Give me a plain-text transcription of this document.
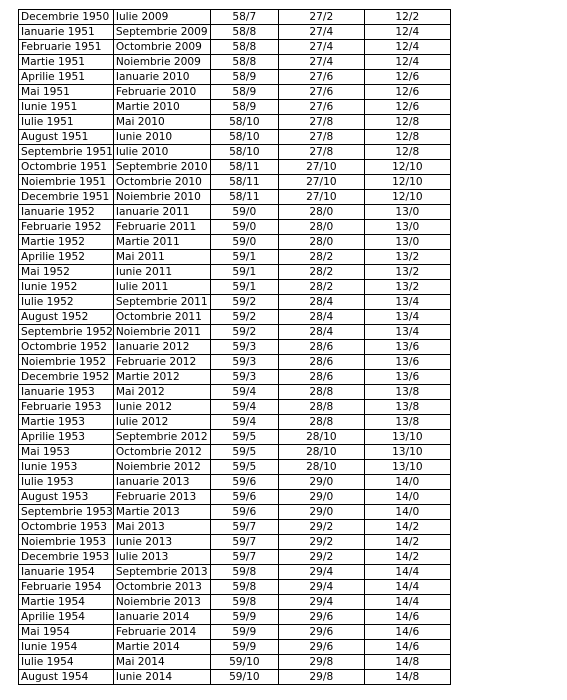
Decembrie 1950	Iulie 2009	58/7	27/2	12/2
Ianuarie 1951	Septembrie 2009	58/8	27/4	12/4
Februarie 1951	Octombrie 2009	58/8	27/4	12/4
Martie 1951	Noiembrie 2009	58/8	27/4	12/4
Aprilie 1951	Ianuarie 2010	58/9	27/6	12/6
Mai 1951	Februarie 2010	58/9	27/6	12/6
Iunie 1951	Martie 2010	58/9	27/6	12/6
Iulie 1951	Mai 2010	58/10	27/8	12/8
August 1951	Iunie 2010	58/10	27/8	12/8
Septembrie 1951	Iulie 2010	58/10	27/8	12/8
Octombrie 1951	Septembrie 2010	58/11	27/10	12/10
Noiembrie 1951	Octombrie 2010	58/11	27/10	12/10
Decembrie 1951	Noiembrie 2010	58/11	27/10	12/10
Ianuarie 1952	Ianuarie 2011	59/0	28/0	13/0
Februarie 1952	Februarie 2011	59/0	28/0	13/0
Martie 1952	Martie 2011	59/0	28/0	13/0
Aprilie 1952	Mai 2011	59/1	28/2	13/2
Mai 1952	Iunie 2011	59/1	28/2	13/2
Iunie 1952	Iulie 2011	59/1	28/2	13/2
Iulie 1952	Septembrie 2011	59/2	28/4	13/4
August 1952	Octombrie 2011	59/2	28/4	13/4
Septembrie 1952	Noiembrie 2011	59/2	28/4	13/4
Octombrie 1952	Ianuarie 2012	59/3	28/6	13/6
Noiembrie 1952	Februarie 2012	59/3	28/6	13/6
Decembrie 1952	Martie 2012	59/3	28/6	13/6
Ianuarie 1953	Mai 2012	59/4	28/8	13/8
Februarie 1953	Iunie 2012	59/4	28/8	13/8
Martie 1953	Iulie 2012	59/4	28/8	13/8
Aprilie 1953	Septembrie 2012	59/5	28/10	13/10
Mai 1953	Octombrie 2012	59/5	28/10	13/10
Iunie 1953	Noiembrie 2012	59/5	28/10	13/10
Iulie 1953	Ianuarie 2013	59/6	29/0	14/0
August 1953	Februarie 2013	59/6	29/0	14/0
Septembrie 1953	Martie 2013	59/6	29/0	14/0
Octombrie 1953	Mai 2013	59/7	29/2	14/2
Noiembrie 1953	Iunie 2013	59/7	29/2	14/2
Decembrie 1953	Iulie 2013	59/7	29/2	14/2
Ianuarie 1954	Septembrie 2013	59/8	29/4	14/4
Februarie 1954	Octombrie 2013	59/8	29/4	14/4
Martie 1954	Noiembrie 2013	59/8	29/4	14/4
Aprilie 1954	Ianuarie 2014	59/9	29/6	14/6
Mai 1954	Februarie 2014	59/9	29/6	14/6
Iunie 1954	Martie 2014	59/9	29/6	14/6
Iulie 1954	Mai 2014	59/10	29/8	14/8
August 1954	Iunie 2014	59/10	29/8	14/8
